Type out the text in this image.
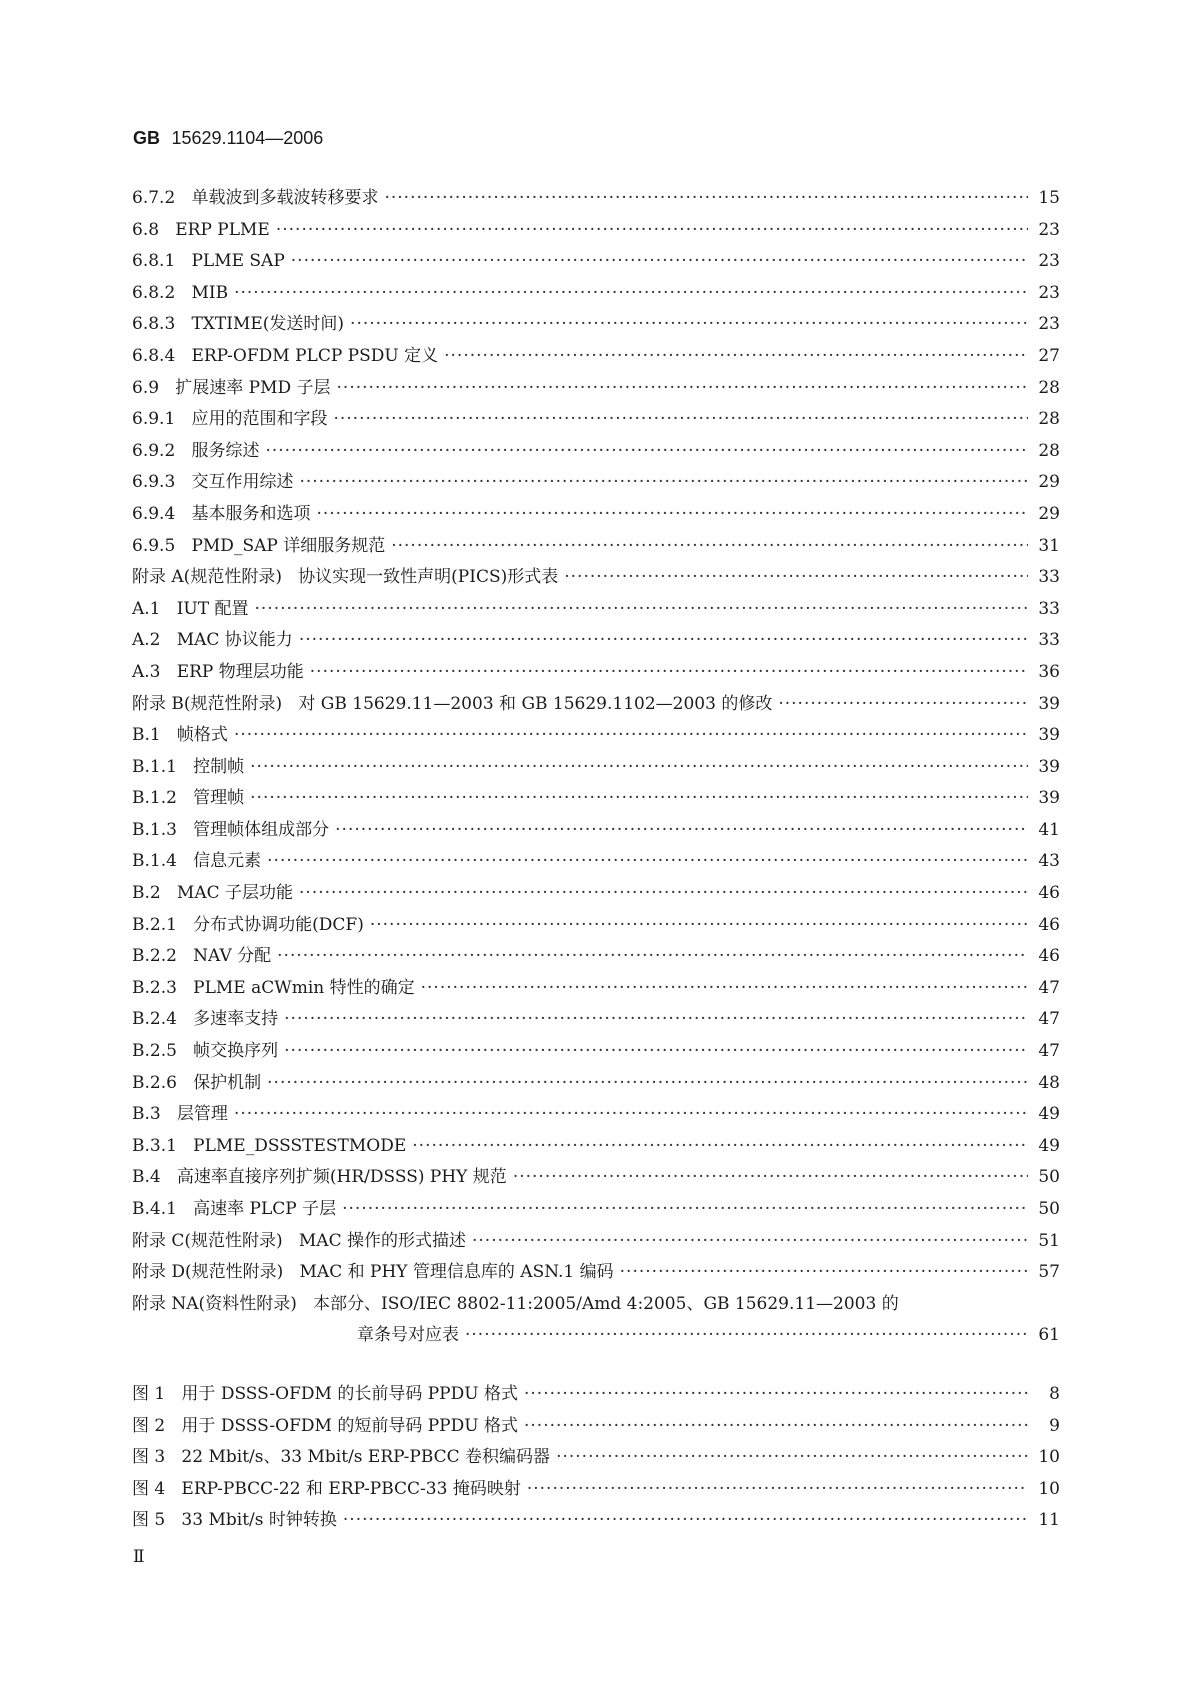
GB 15629.1104—2006
6.7.2   单载波到多载波转移要求 ·····	15
6.8   ERP PLME ·····	23
6.8.1   PLME SAP ·····	23
6.8.2   MIB ·····	23
6.8.3   TXTIME(发送时间) ·····	23
6.8.4   ERP-OFDM PLCP PSDU 定义 ·····	27
6.9   扩展速率 PMD 子层 ·····	28
6.9.1   应用的范围和字段 ·····	28
6.9.2   服务综述 ·····	28
6.9.3   交互作用综述 ·····	29
6.9.4   基本服务和选项 ·····	29
6.9.5   PMD_SAP 详细服务规范 ·····	31
附录 A(规范性附录)   协议实现一致性声明(PICS)形式表 ·····	33
A.1   IUT 配置 ·····	33
A.2   MAC 协议能力 ·····	33
A.3   ERP 物理层功能 ·····	36
附录 B(规范性附录)   对 GB 15629.11—2003 和 GB 15629.1102—2003 的修改 ·····	39
B.1   帧格式 ·····	39
B.1.1   控制帧 ·····	39
B.1.2   管理帧 ·····	39
B.1.3   管理帧体组成部分 ·····	41
B.1.4   信息元素 ·····	43
B.2   MAC 子层功能 ·····	46
B.2.1   分布式协调功能(DCF) ·····	46
B.2.2   NAV 分配 ·····	46
B.2.3   PLME aCWmin 特性的确定 ·····	47
B.2.4   多速率支持 ·····	47
B.2.5   帧交换序列 ·····	47
B.2.6   保护机制 ·····	48
B.3   层管理 ·····	49
B.3.1   PLME_DSSSTESTMODE ·····	49
B.4   高速率直接序列扩频(HR/DSSS) PHY 规范 ·····	50
B.4.1   高速率 PLCP 子层 ·····	50
附录 C(规范性附录)   MAC 操作的形式描述 ·····	51
附录 D(规范性附录)   MAC 和 PHY 管理信息库的 ASN.1 编码 ·····	57
附录 NA(资料性附录)   本部分、ISO/IEC 8802-11:2005/Amd 4:2005、GB 15629.11—2003 的
章条号对应表 ·····	61
图 1   用于 DSSS-OFDM 的长前导码 PPDU 格式 ·····	8
图 2   用于 DSSS-OFDM 的短前导码 PPDU 格式 ·····	9
图 3   22 Mbit/s、33 Mbit/s ERP-PBCC 卷积编码器 ·····	10
图 4   ERP-PBCC-22 和 ERP-PBCC-33 掩码映射 ·····	10
图 5   33 Mbit/s 时钟转换 ·····	11
Ⅱ
